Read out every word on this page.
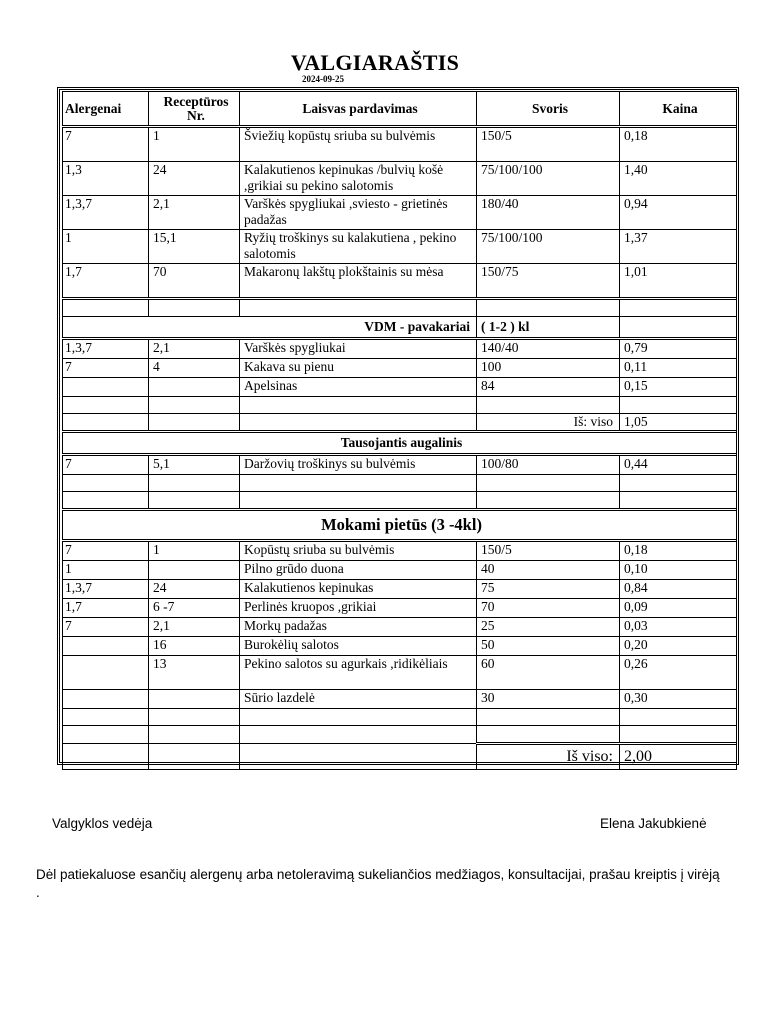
VALGIARAŠTIS
2024-09-25
Alergenai	Receptūros Nr.	Laisvas pardavimas	Svoris	Kaina
7	1	Šviežių kopūstų sriuba su bulvėmis	150/5	0,18
1,3	24	Kalakutienos kepinukas /bulvių košė ,grikiai su pekino salotomis	75/100/100	1,40
1,3,7	2,1	Varškės spygliukai ,sviesto - grietinės padažas	180/40	0,94
1	15,1	Ryžių troškinys su kalakutiena , pekino salotomis	75/100/100	1,37
1,7	70	Makaronų lakštų plokštainis su mėsa	150/75	1,01

VDM - pavakariai			( 1-2 ) kl	
1,3,7	2,1	Varškės spygliukai	140/40	0,79
7	4	Kakava su pienu	100	0,11
		Apelsinas	84	0,15

			Iš: viso	1,05
Tausojantis augalinis				
7	5,1	Daržovių troškinys su bulvėmis	100/80	0,44

Mokami pietūs (3 -4kl)				
7	1	Kopūstų sriuba su bulvėmis	150/5	0,18
1		Pilno grūdo duona	40	0,10
1,3,7	24	Kalakutienos kepinukas	75	0,84
1,7	6 -7	Perlinės kruopos ,grikiai	70	0,09
7	2,1	Morkų padažas	25	0,03
	16	Burokėlių salotos	50	0,20
	13	Pekino salotos su agurkais ,ridikėliais	60	0,26
		Sūrio lazdelė	30	0,30

			Iš viso:	2,00
Valgyklos vedėja	Elena Jakubkienė
Dėl patiekaluose esančių alergenų arba netoleravimą sukeliančios medžiagos, konsultacijai, prašau kreiptis į virėją .
